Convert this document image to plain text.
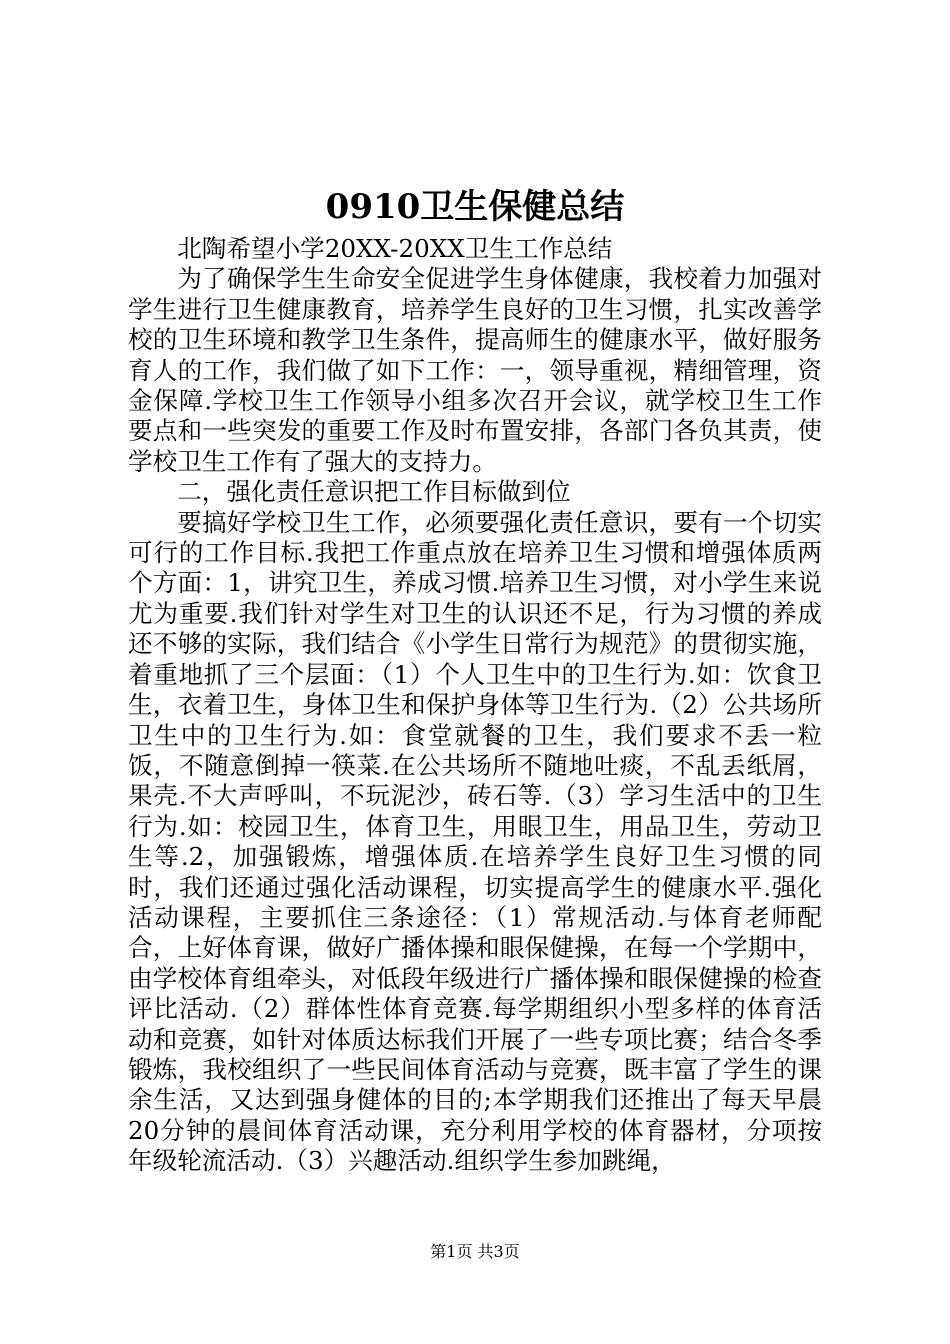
0910卫生保健总结

北陶希望小学20XX-20XX卫生工作总结

为了确保学生生命安全促进学生身体健康，我校着力加强对学生进行卫生健康教育，培养学生良好的卫生习惯，扎实改善学校的卫生环境和教学卫生条件，提高师生的健康水平，做好服务育人的工作，我们做了如下工作：一，领导重视，精细管理，资金保障.学校卫生工作领导小组多次召开会议，就学校卫生工作要点和一些突发的重要工作及时布置安排，各部门各负其责，使学校卫生工作有了强大的支持力。

二，强化责任意识把工作目标做到位

要搞好学校卫生工作，必须要强化责任意识，要有一个切实可行的工作目标.我把工作重点放在培养卫生习惯和增强体质两个方面：1，讲究卫生，养成习惯.培养卫生习惯，对小学生来说尤为重要.我们针对学生对卫生的认识还不足，行为习惯的养成还不够的实际，我们结合《小学生日常行为规范》的贯彻实施，着重地抓了三个层面：（1）个人卫生中的卫生行为.如：饮食卫生，衣着卫生，身体卫生和保护身体等卫生行为.（2）公共场所卫生中的卫生行为.如：食堂就餐的卫生，我们要求不丢一粒饭，不随意倒掉一筷菜.在公共场所不随地吐痰，不乱丢纸屑，果壳.不大声呼叫，不玩泥沙，砖石等.（3）学习生活中的卫生行为.如：校园卫生，体育卫生，用眼卫生，用品卫生，劳动卫生等.2，加强锻炼，增强体质.在培养学生良好卫生习惯的同时，我们还通过强化活动课程，切实提高学生的健康水平.强化活动课程，主要抓住三条途径：（1）常规活动.与体育老师配合，上好体育课，做好广播体操和眼保健操，在每一个学期中，由学校体育组牵头，对低段年级进行广播体操和眼保健操的检查评比活动.（2）群体性体育竞赛.每学期组织小型多样的体育活动和竞赛，如针对体质达标我们开展了一些专项比赛；结合冬季锻炼，我校组织了一些民间体育活动与竞赛，既丰富了学生的课余生活，又达到强身健体的目的;本学期我们还推出了每天早晨20分钟的晨间体育活动课，充分利用学校的体育器材，分项按年级轮流活动.（3）兴趣活动.组织学生参加跳绳，

第1页 共3页
